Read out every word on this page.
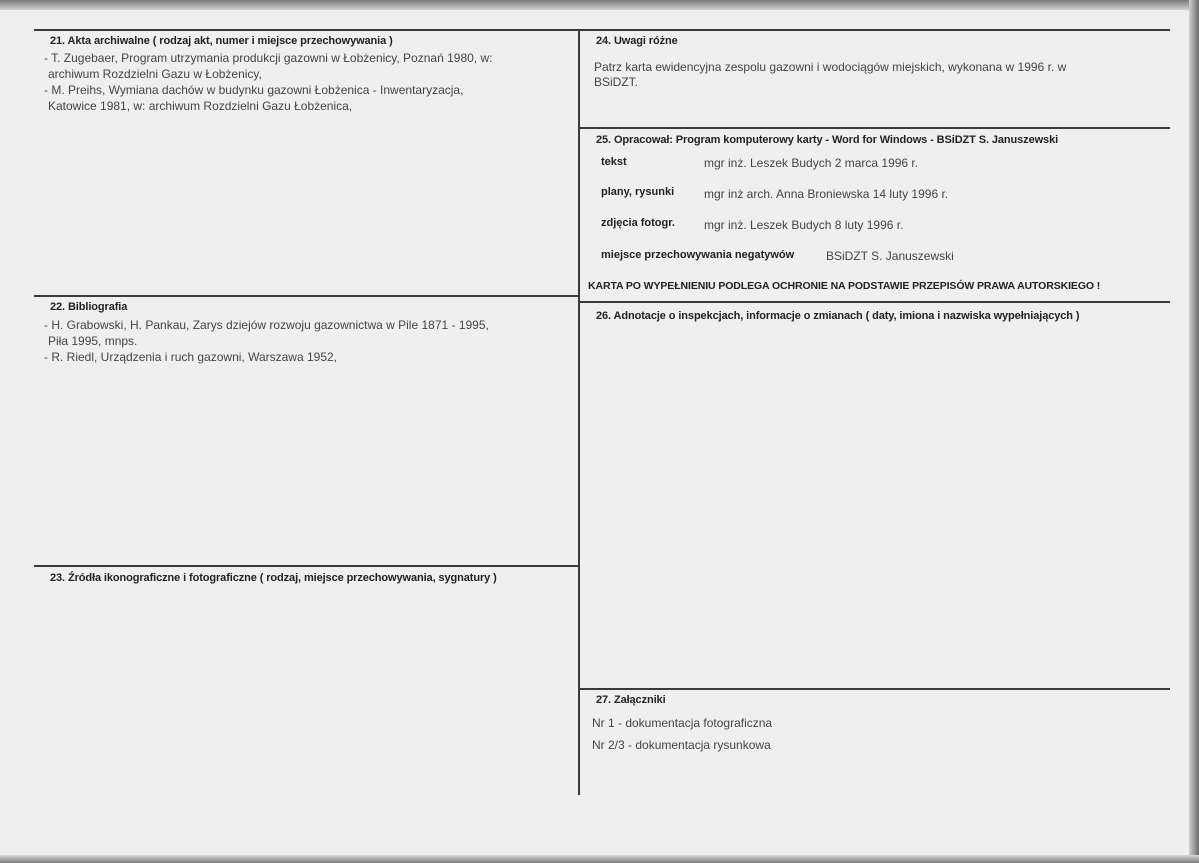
21. Akta archiwalne ( rodzaj akt, numer i miejsce przechowywania )
- T. Zugebaer, Program utrzymania produkcji gazowni w Łobżenicy, Poznań 1980, w:
archiwum Rozdzielni Gazu w Łobżenicy,
- M. Preihs, Wymiana dachów w budynku gazowni Łobżenica - Inwentaryzacja,
Katowice 1981, w: archiwum Rozdzielni Gazu Łobżenica,
22. Bibliografia
- H. Grabowski, H. Pankau, Zarys dziejów rozwoju gazownictwa w Pile 1871 - 1995,
Piła 1995, mnps.
- R. Riedl, Urządzenia i ruch gazowni, Warszawa 1952,
23. Źródła ikonograficzne i fotograficzne ( rodzaj, miejsce przechowywania, sygnatury )
24. Uwagi różne
Patrz karta ewidencyjna zespolu gazowni i wodociągów miejskich, wykonana w 1996 r. w
BSiDZT.
25. Opracował: Program komputerowy karty - Word for Windows - BSiDZT S. Januszewski
tekst	mgr inż. Leszek Budych 2 marca 1996 r.
plany, rysunki mgr inż arch. Anna Broniewska 14 luty 1996 r.
zdjęcia fotogr. mgr inż. Leszek Budych 8 luty 1996 r.
miejsce przechowywania negatywów	BSiDZT S. Januszewski
KARTA PO WYPEŁNIENIU PODLEGA OCHRONIE NA PODSTAWIE PRZEPISÓW PRAWA AUTORSKIEGO !
26. Adnotacje o inspekcjach, informacje o zmianach ( daty, imiona i nazwiska wypełniających )
27. Załączniki
Nr 1 - dokumentacja fotograficzna
Nr 2/3 - dokumentacja rysunkowa
